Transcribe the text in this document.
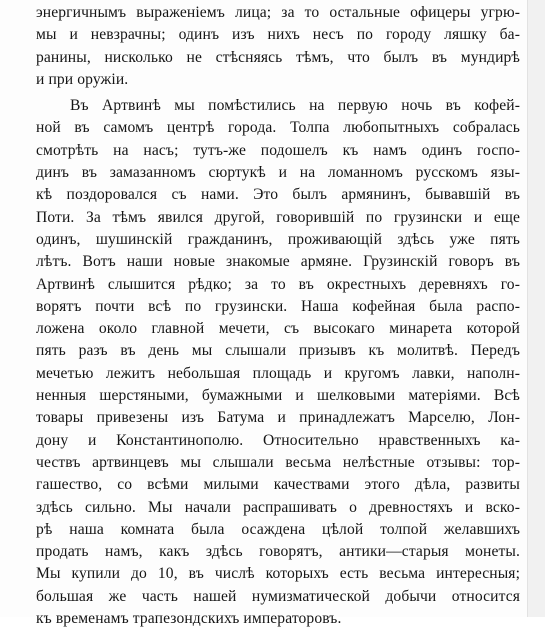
энергичнымъ выраженіемъ лица; за то остальные офицеры угрю-
мы и невзрачны; одинъ изъ нихъ несъ по городу ляшку ба-
ранины, нисколько не стѣсняясь тѣмъ, что былъ въ мундирѣ
и при оружіи.
Въ Артвинѣ мы помѣстились на первую ночь въ кофей-
ной въ самомъ центрѣ города. Толпа любопытныхъ собралась
смотрѣть на насъ; тутъ-же подошелъ къ намъ одинъ госпо-
динъ въ замазанномъ сюртукѣ и на ломанномъ русскомъ язы-
кѣ поздоровался съ нами. Это былъ армянинъ, бывавшій въ
Поти. За тѣмъ явился другой, говорившій по грузински и еще
одинъ, шушинскій гражданинъ, проживающій здѣсь уже пять
лѣтъ. Вотъ наши новые знакомые армяне. Грузинскій говоръ въ
Артвинѣ слышится рѣдко; за то въ окрестныхъ деревняхъ го-
ворятъ почти всѣ по грузински. Наша кофейная была распо-
ложена около главной мечети, съ высокаго минарета которой
пять разъ въ день мы слышали призывъ къ молитвѣ. Передъ
мечетью лежитъ небольшая площадь и кругомъ лавки, наполн-
ненныя шерстяными, бумажными и шелковыми матеріями. Всѣ
товары привезены изъ Батума и принадлежатъ Марселю, Лон-
дону и Константинополю. Относительно нравственныхъ ка-
чествъ артвинцевъ мы слышали весьма нелѣстные отзывы: тор-
гашество, со всѣми милыми качествами этого дѣла, развиты
здѣсь сильно. Мы начали распрашивать о древностяхъ и вско-
рѣ наша комната была осаждена цѣлой толпой желавшихъ
продать намъ, какъ здѣсь говорятъ, антики—старыя монеты.
Мы купили до 10, въ числѣ которыхъ есть весьма интересныя;
большая же часть нашей нумизматической добычи относится
къ временамъ трапезондскихъ императоровъ.
